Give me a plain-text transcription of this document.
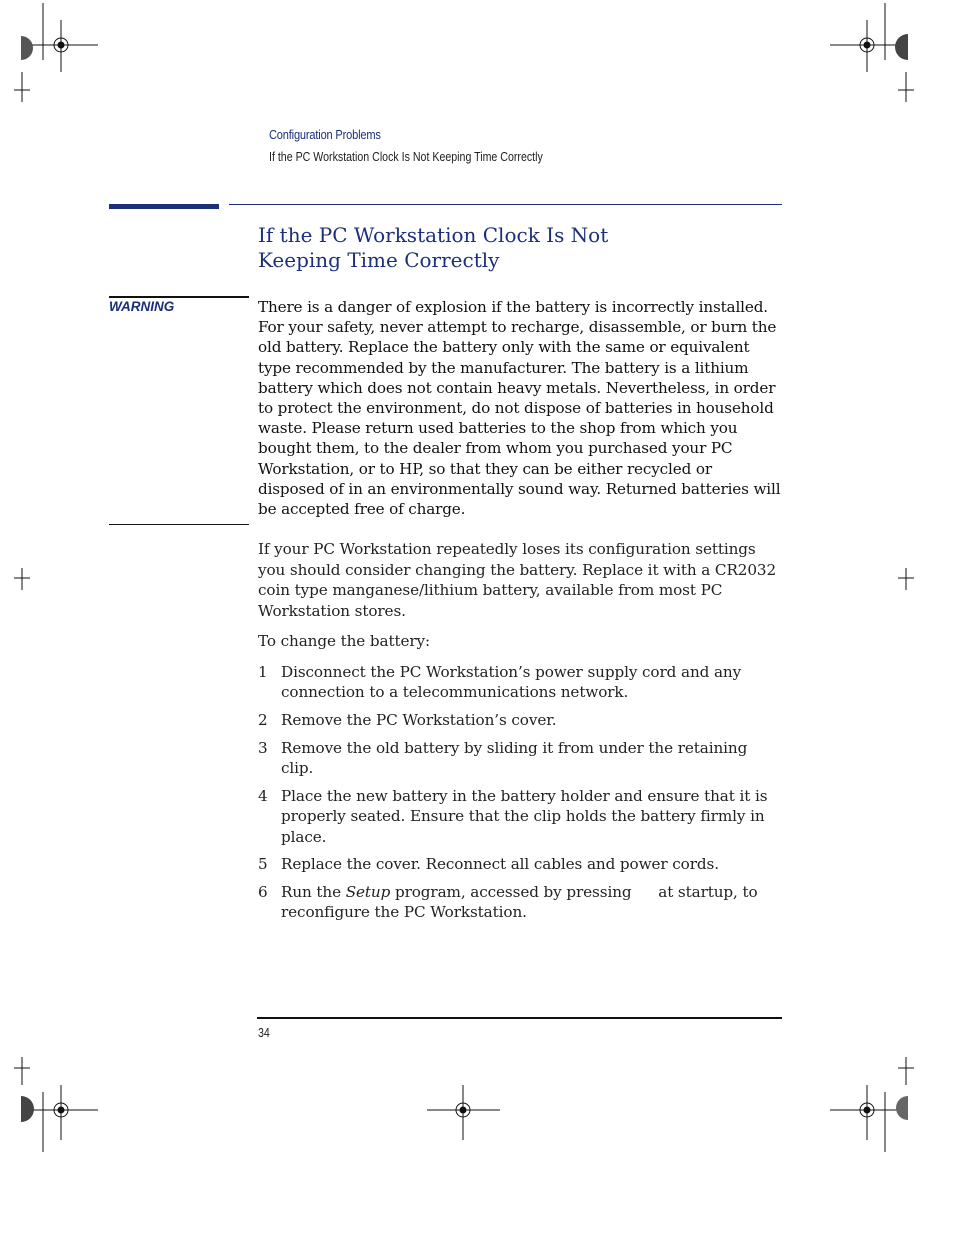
Configuration Problems
If the PC Workstation Clock Is Not Keeping Time Correctly
If the PC Workstation Clock Is Not
Keeping Time Correctly
WARNING	There is a danger of explosion if the battery is incorrectly installed. For your safety, never attempt to recharge, disassemble, or burn the old battery. Replace the battery only with the same or equivalent type recommended by the manufacturer. The battery is a lithium battery which does not contain heavy metals. Nevertheless, in order to protect the environment, do not dispose of batteries in household waste. Please return used batteries to the shop from which you bought them, to the dealer from whom you purchased your PC Workstation, or to HP, so that they can be either recycled or disposed of in an environmentally sound way. Returned batteries will be accepted free of charge.
If your PC Workstation repeatedly loses its configuration settings you should consider changing the battery. Replace it with a CR2032 coin type manganese/lithium battery, available from most PC Workstation stores.
To change the battery:
1 Disconnect the PC Workstation’s power supply cord and any connection to a telecommunications network.
2 Remove the PC Workstation’s cover.
3 Remove the old battery by sliding it from under the retaining clip.
4 Place the new battery in the battery holder and ensure that it is properly seated. Ensure that the clip holds the battery firmly in place.
5 Replace the cover. Reconnect all cables and power cords.
6 Run the Setup program, accessed by pressing at startup, to reconfigure the PC Workstation.
34
